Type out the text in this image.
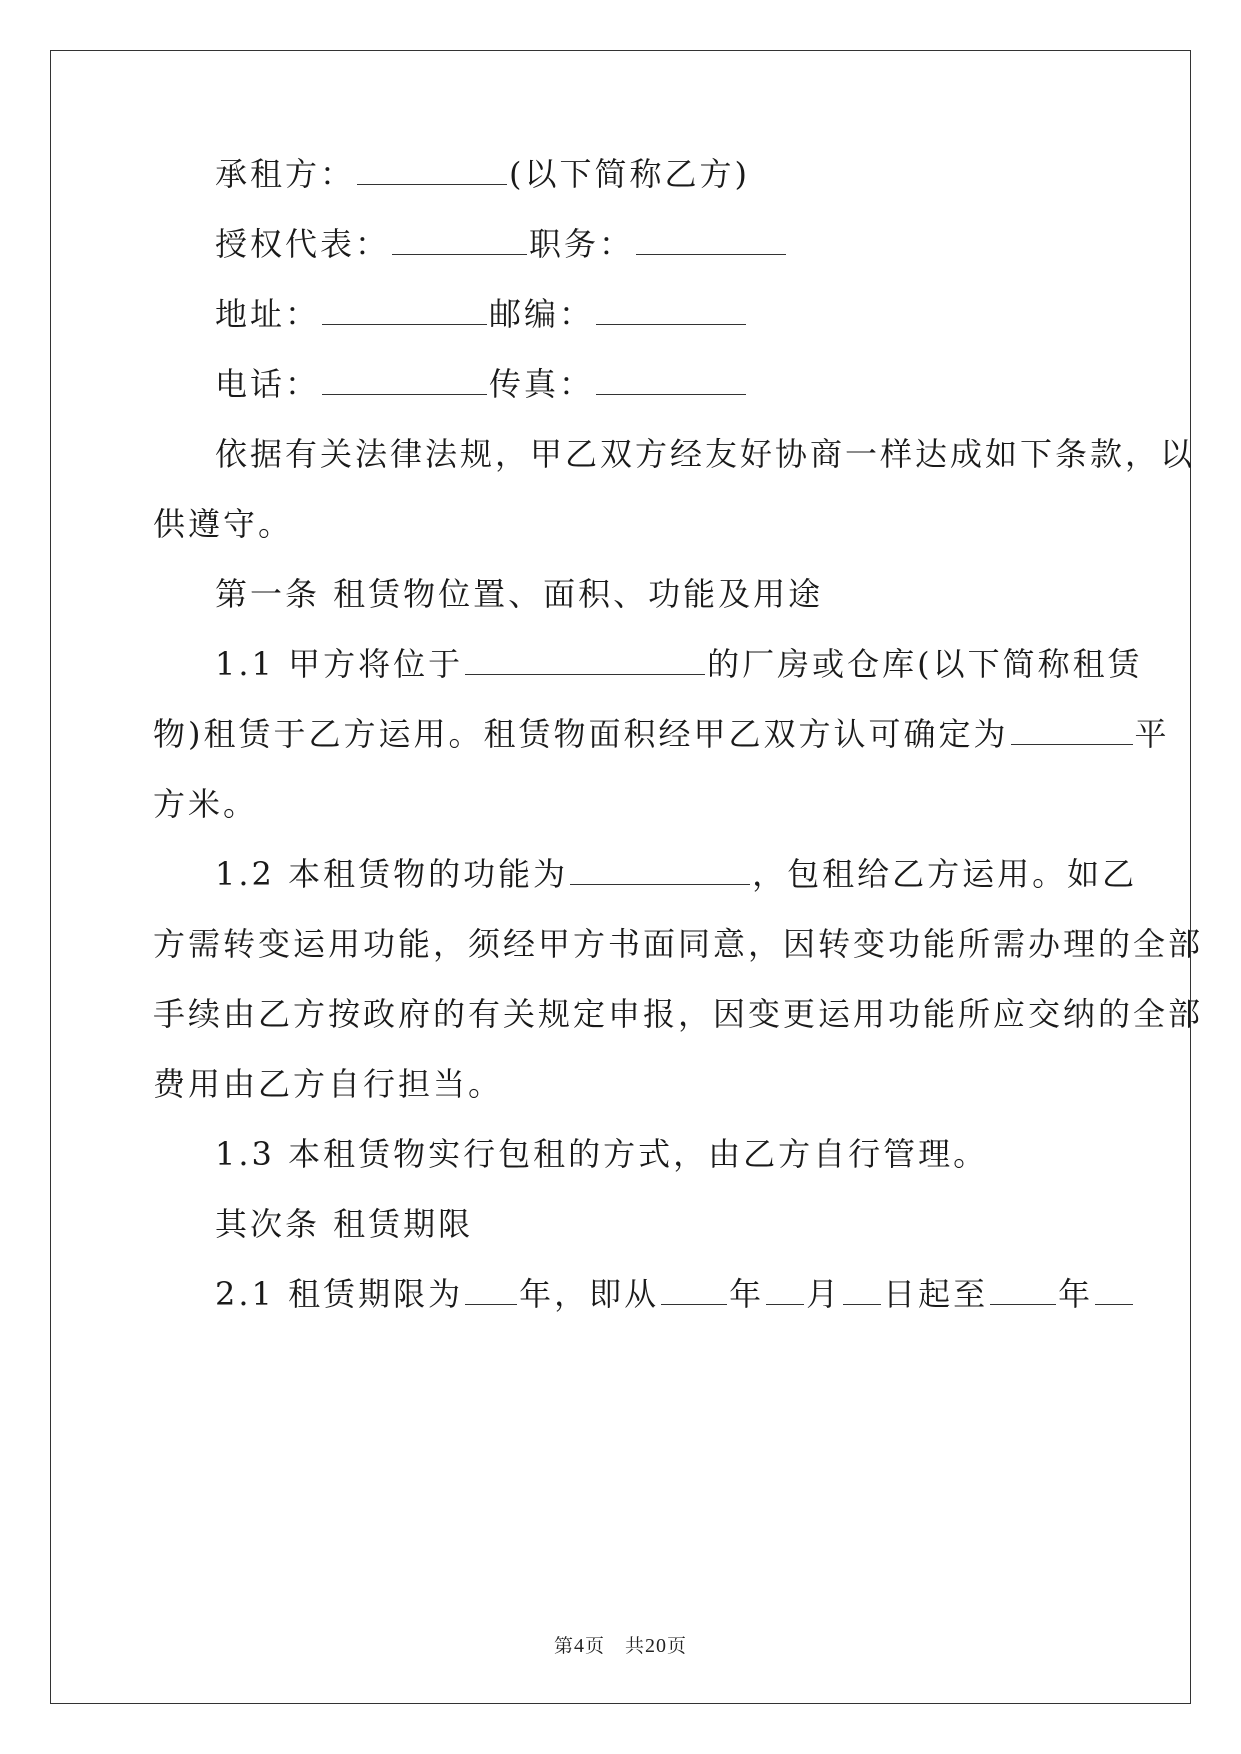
承租方：	(以下简称乙方)
授权代表：	职务：
地址：	邮编：
电话：	传真：
依据有关法律法规，甲乙双方经友好协商一样达成如下条款，以
供遵守。
第一条 租赁物位置、面积、功能及用途
1.1 甲方将位于	的厂房或仓库(以下简称租赁
物)租赁于乙方运用。租赁物面积经甲乙双方认可确定为	平
方米。
1.2 本租赁物的功能为	，包租给乙方运用。如乙
方需转变运用功能，须经甲方书面同意，因转变功能所需办理的全部
手续由乙方按政府的有关规定申报，因变更运用功能所应交纳的全部
费用由乙方自行担当。
1.3 本租赁物实行包租的方式，由乙方自行管理。
其次条 租赁期限
2.1 租赁期限为 年，即从 年 月 日起至 年
第4页 共20页
